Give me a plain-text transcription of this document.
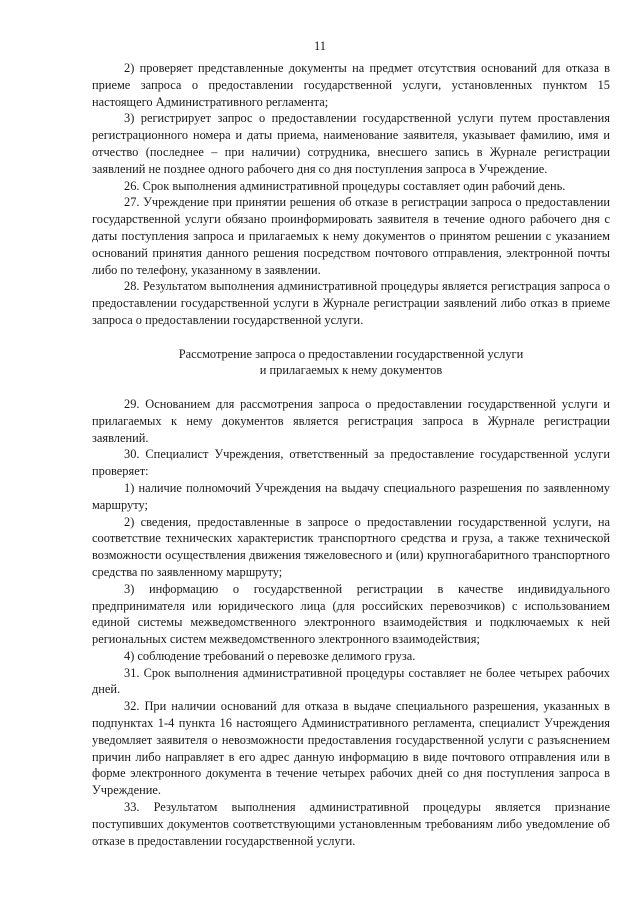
11

2) проверяет представленные документы на предмет отсутствия оснований для отказа в приеме запроса о предоставлении государственной услуги, установленных пунктом 15 настоящего Административного регламента;

3) регистрирует запрос о предоставлении государственной услуги путем проставления регистрационного номера и даты приема, наименование заявителя, указывает фамилию, имя и отчество (последнее – при наличии) сотрудника, внесшего запись в Журнале регистрации заявлений не позднее одного рабочего дня со дня поступления запроса в Учреждение.

26. Срок выполнения административной процедуры составляет один рабочий день.

27. Учреждение при принятии решения об отказе в регистрации запроса о предоставлении государственной услуги обязано проинформировать заявителя в течение одного рабочего дня с даты поступления запроса и прилагаемых к нему документов о принятом решении с указанием оснований принятия данного решения посредством почтового отправления, электронной почты либо по телефону, указанному в заявлении.

28. Результатом выполнения административной процедуры является регистрация запроса о предоставлении государственной услуги в Журнале регистрации заявлений либо отказ в приеме запроса о предоставлении государственной услуги.

Рассмотрение запроса о предоставлении государственной услуги
и прилагаемых к нему документов

29. Основанием для рассмотрения запроса о предоставлении государственной услуги и прилагаемых к нему документов является регистрация запроса в Журнале регистрации заявлений.

30. Специалист Учреждения, ответственный за предоставление государственной услуги проверяет:

1) наличие полномочий Учреждения на выдачу специального разрешения по заявленному маршруту;

2) сведения, предоставленные в запросе о предоставлении государственной услуги, на соответствие технических характеристик транспортного средства и груза, а также технической возможности осуществления движения тяжеловесного и (или) крупногабаритного транспортного средства по заявленному маршруту;

3) информацию о государственной регистрации в качестве индивидуального предпринимателя или юридического лица (для российских перевозчиков) с использованием единой системы межведомственного электронного взаимодействия и подключаемых к ней региональных систем межведомственного электронного взаимодействия;

4) соблюдение требований о перевозке делимого груза.

31. Срок выполнения административной процедуры составляет не более четырех рабочих дней.

32. При наличии оснований для отказа в выдаче специального разрешения, указанных в подпунктах 1-4 пункта 16 настоящего Административного регламента, специалист Учреждения уведомляет заявителя о невозможности предоставления государственной услуги с разъяснением причин либо направляет в его адрес данную информацию в виде почтового отправления или в форме электронного документа в течение четырех рабочих дней со дня поступления запроса в Учреждение.

33. Результатом выполнения административной процедуры является признание поступивших документов соответствующими установленным требованиям либо уведомление об отказе в предоставлении государственной услуги.
